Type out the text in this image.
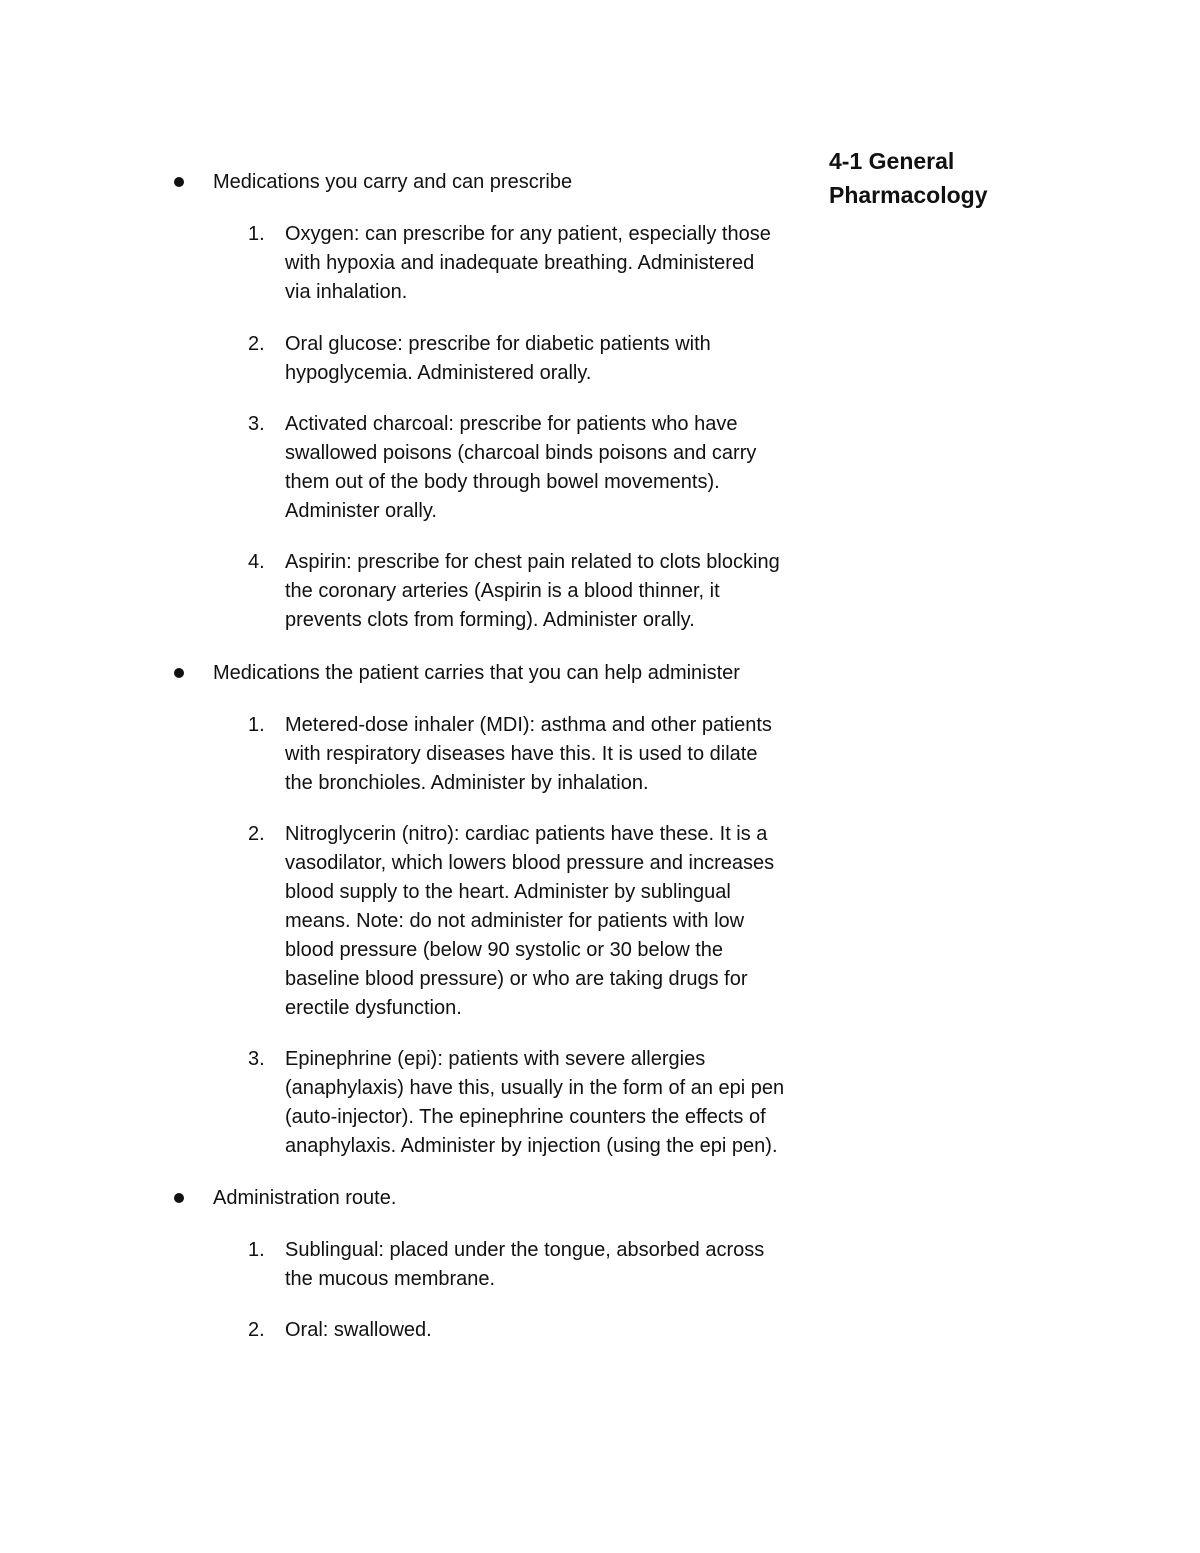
4-1 General
Pharmacology
Medications you carry and can prescribe
1. Oxygen: can prescribe for any patient, especially those
with hypoxia and inadequate breathing. Administered
via inhalation.
2. Oral glucose: prescribe for diabetic patients with
hypoglycemia. Administered orally.
3. Activated charcoal: prescribe for patients who have
swallowed poisons (charcoal binds poisons and carry
them out of the body through bowel movements).
Administer orally.
4. Aspirin: prescribe for chest pain related to clots blocking
the coronary arteries (Aspirin is a blood thinner, it
prevents clots from forming). Administer orally.
Medications the patient carries that you can help administer
1. Metered-dose inhaler (MDI): asthma and other patients
with respiratory diseases have this. It is used to dilate
the bronchioles. Administer by inhalation.
2. Nitroglycerin (nitro): cardiac patients have these. It is a
vasodilator, which lowers blood pressure and increases
blood supply to the heart. Administer by sublingual
means. Note: do not administer for patients with low
blood pressure (below 90 systolic or 30 below the
baseline blood pressure) or who are taking drugs for
erectile dysfunction.
3. Epinephrine (epi): patients with severe allergies
(anaphylaxis) have this, usually in the form of an epi pen
(auto-injector). The epinephrine counters the effects of
anaphylaxis. Administer by injection (using the epi pen).
Administration route.
1. Sublingual: placed under the tongue, absorbed across
the mucous membrane.
2. Oral: swallowed.
